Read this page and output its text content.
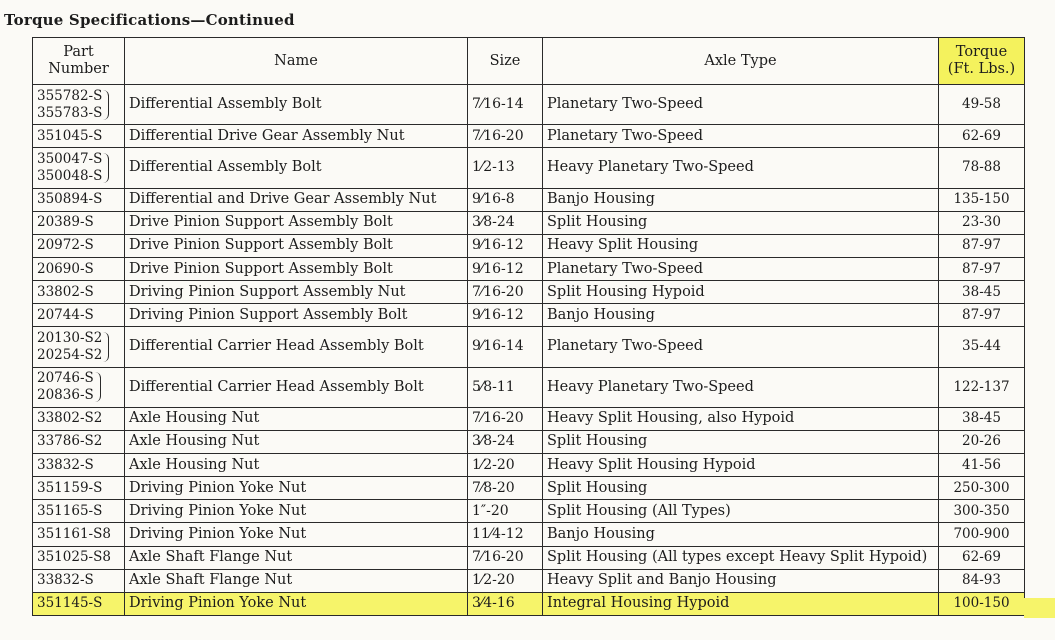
Torque Specifications—Continued
Part
Number	Name	Size	Axle Type	Torque
(Ft. Lbs.)

355782-S
355783-S	Differential Assembly Bolt	7⁄16-14	Planetary Two-Speed	49-58
351045-S	Differential Drive Gear Assembly Nut	7⁄16-20	Planetary Two-Speed	62-69

350047-S
350048-S	Differential Assembly Bolt	1⁄2-13	Heavy Planetary Two-Speed	78-88
350894-S	Differential and Drive Gear Assembly Nut	9⁄16-8	Banjo Housing	135-150
20389-S	Drive Pinion Support Assembly Bolt	3⁄8-24	Split Housing	23-30
20972-S	Drive Pinion Support Assembly Bolt	9⁄16-12	Heavy Split Housing	87-97
20690-S	Drive Pinion Support Assembly Bolt	9⁄16-12	Planetary Two-Speed	87-97
33802-S	Driving Pinion Support Assembly Nut	7⁄16-20	Split Housing Hypoid	38-45
20744-S	Driving Pinion Support Assembly Bolt	9⁄16-12	Banjo Housing	87-97

20130-S2
20254-S2	Differential Carrier Head Assembly Bolt	9⁄16-14	Planetary Two-Speed	35-44

20746-S
20836-S	Differential Carrier Head Assembly Bolt	5⁄8-11	Heavy Planetary Two-Speed	122-137
33802-S2	Axle Housing Nut	7⁄16-20	Heavy Split Housing, also Hypoid	38-45
33786-S2	Axle Housing Nut	3⁄8-24	Split Housing	20-26
33832-S	Axle Housing Nut	1⁄2-20	Heavy Split Housing Hypoid	41-56
351159-S	Driving Pinion Yoke Nut	7⁄8-20	Split Housing	250-300
351165-S	Driving Pinion Yoke Nut	1″-20	Split Housing (All Types)	300-350
351161-S8	Driving Pinion Yoke Nut	11⁄4-12	Banjo Housing	700-900
351025-S8	Axle Shaft Flange Nut	7⁄16-20	Split Housing (All types except Heavy Split Hypoid)	62-69
33832-S	Axle Shaft Flange Nut	1⁄2-20	Heavy Split and Banjo Housing	84-93
351145-S	Driving Pinion Yoke Nut	3⁄4-16	Integral Housing Hypoid	100-150
